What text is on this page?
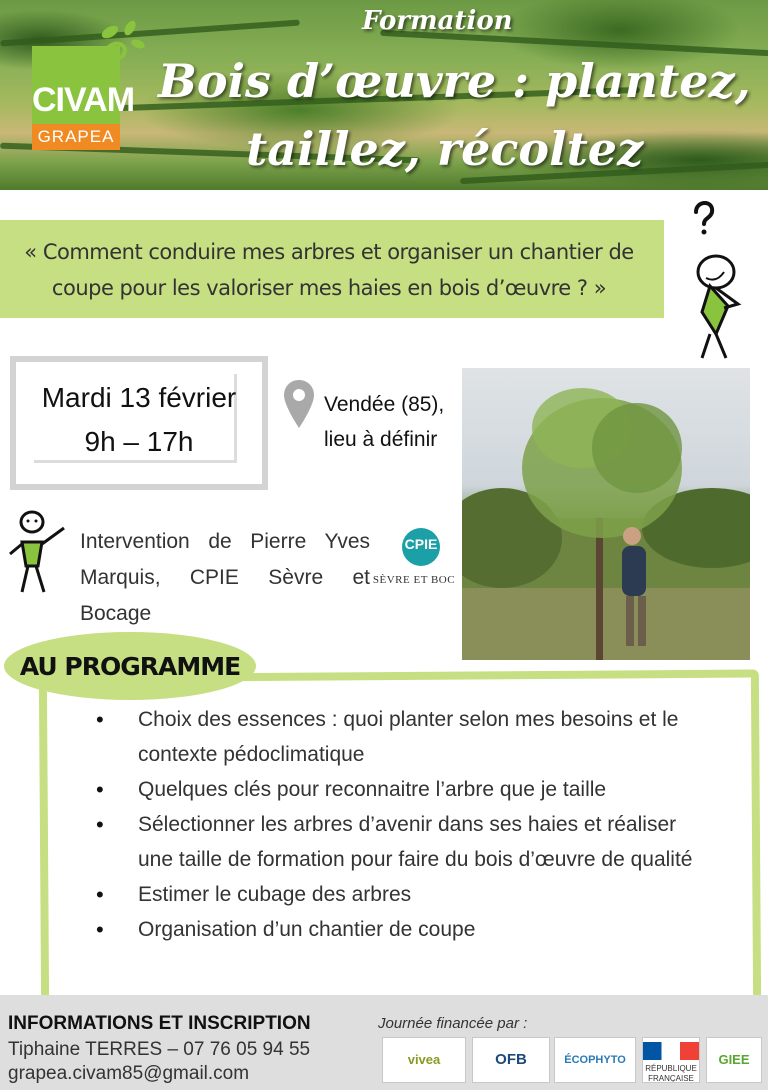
CIVAM
GRAPEA
Formation
Bois d’œuvre : plantez,
taillez, récoltez
« Comment conduire mes arbres et organiser un chantier de coupe pour les valoriser mes haies en bois d’œuvre ? »
Mardi 13 février
9h – 17h
Vendée (85),
lieu à définir
Intervention de Pierre Yves Marquis, CPIE Sèvre et Bocage
CPIE
SÈVRE ET BOC
AU PROGRAMME
• Choix des essences : quoi planter selon mes besoins et le contexte pédoclimatique
• Quelques clés pour reconnaitre l’arbre que je taille
• Sélectionner les arbres d’avenir dans ses haies et réaliser une taille de formation pour faire du bois d’œuvre de qualité
• Estimer le cubage des arbres
• Organisation d’un chantier de coupe
INFORMATIONS ET INSCRIPTION
Tiphaine TERRES – 07 76 05 94 55
grapea.civam85@gmail.com
Journée financée par :
vivea	OFB	ÉCOPHYTO
RÉPUBLIQUE FRANÇAISE
GIEE
